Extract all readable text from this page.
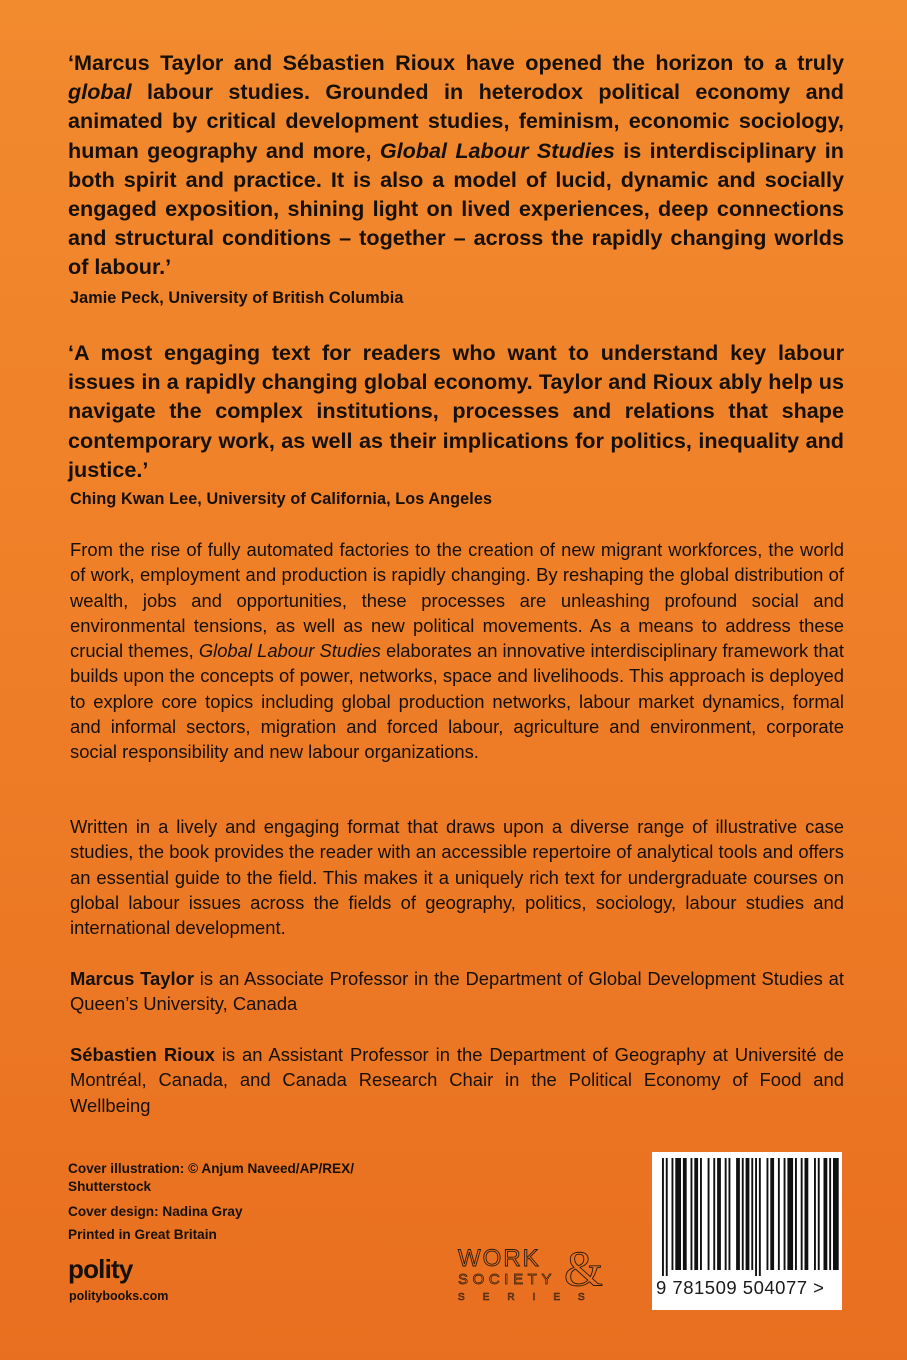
‘Marcus Taylor and Sébastien Rioux have opened the horizon to a truly global labour studies. Grounded in heterodox political economy and animated by critical development studies, feminism, economic sociology, human geography and more, Global Labour Studies is interdisciplinary in both spirit and practice. It is also a model of lucid, dynamic and socially engaged exposition, shining light on lived experiences, deep connections and structural conditions – together – across the rapidly changing worlds of labour.’

Jamie Peck, University of British Columbia

‘A most engaging text for readers who want to understand key labour issues in a rapidly changing global economy. Taylor and Rioux ably help us navigate the complex institutions, processes and relations that shape contemporary work, as well as their implications for politics, inequality and justice.’

Ching Kwan Lee, University of California, Los Angeles

From the rise of fully automated factories to the creation of new migrant workforces, the world of work, employment and production is rapidly changing. By reshaping the global distribution of wealth, jobs and opportunities, these processes are unleashing profound social and environmental tensions, as well as new political movements. As a means to address these crucial themes, Global Labour Studies elaborates an innovative interdisciplinary framework that builds upon the concepts of power, networks, space and livelihoods. This approach is deployed to explore core topics including global production networks, labour market dynamics, formal and informal sectors, migration and forced labour, agriculture and environment, corporate social responsibility and new labour organizations.

Written in a lively and engaging format that draws upon a diverse range of illustrative case studies, the book provides the reader with an accessible repertoire of analytical tools and offers an essential guide to the field. This makes it a uniquely rich text for undergraduate courses on global labour issues across the fields of geography, politics, sociology, labour studies and international development.

Marcus Taylor is an Associate Professor in the Department of Global Development Studies at Queen’s University, Canada

Sébastien Rioux is an Assistant Professor in the Department of Geography at Université de Montréal, Canada, and Canada Research Chair in the Political Economy of Food and Wellbeing

Cover illustration: © Anjum Naveed/AP/REX/ Shutterstock

Cover design: Nadina Gray

Printed in Great Britain

polity
politybooks.com
WORK &
SOCIETY
SERIES	9 781509 504077 >
